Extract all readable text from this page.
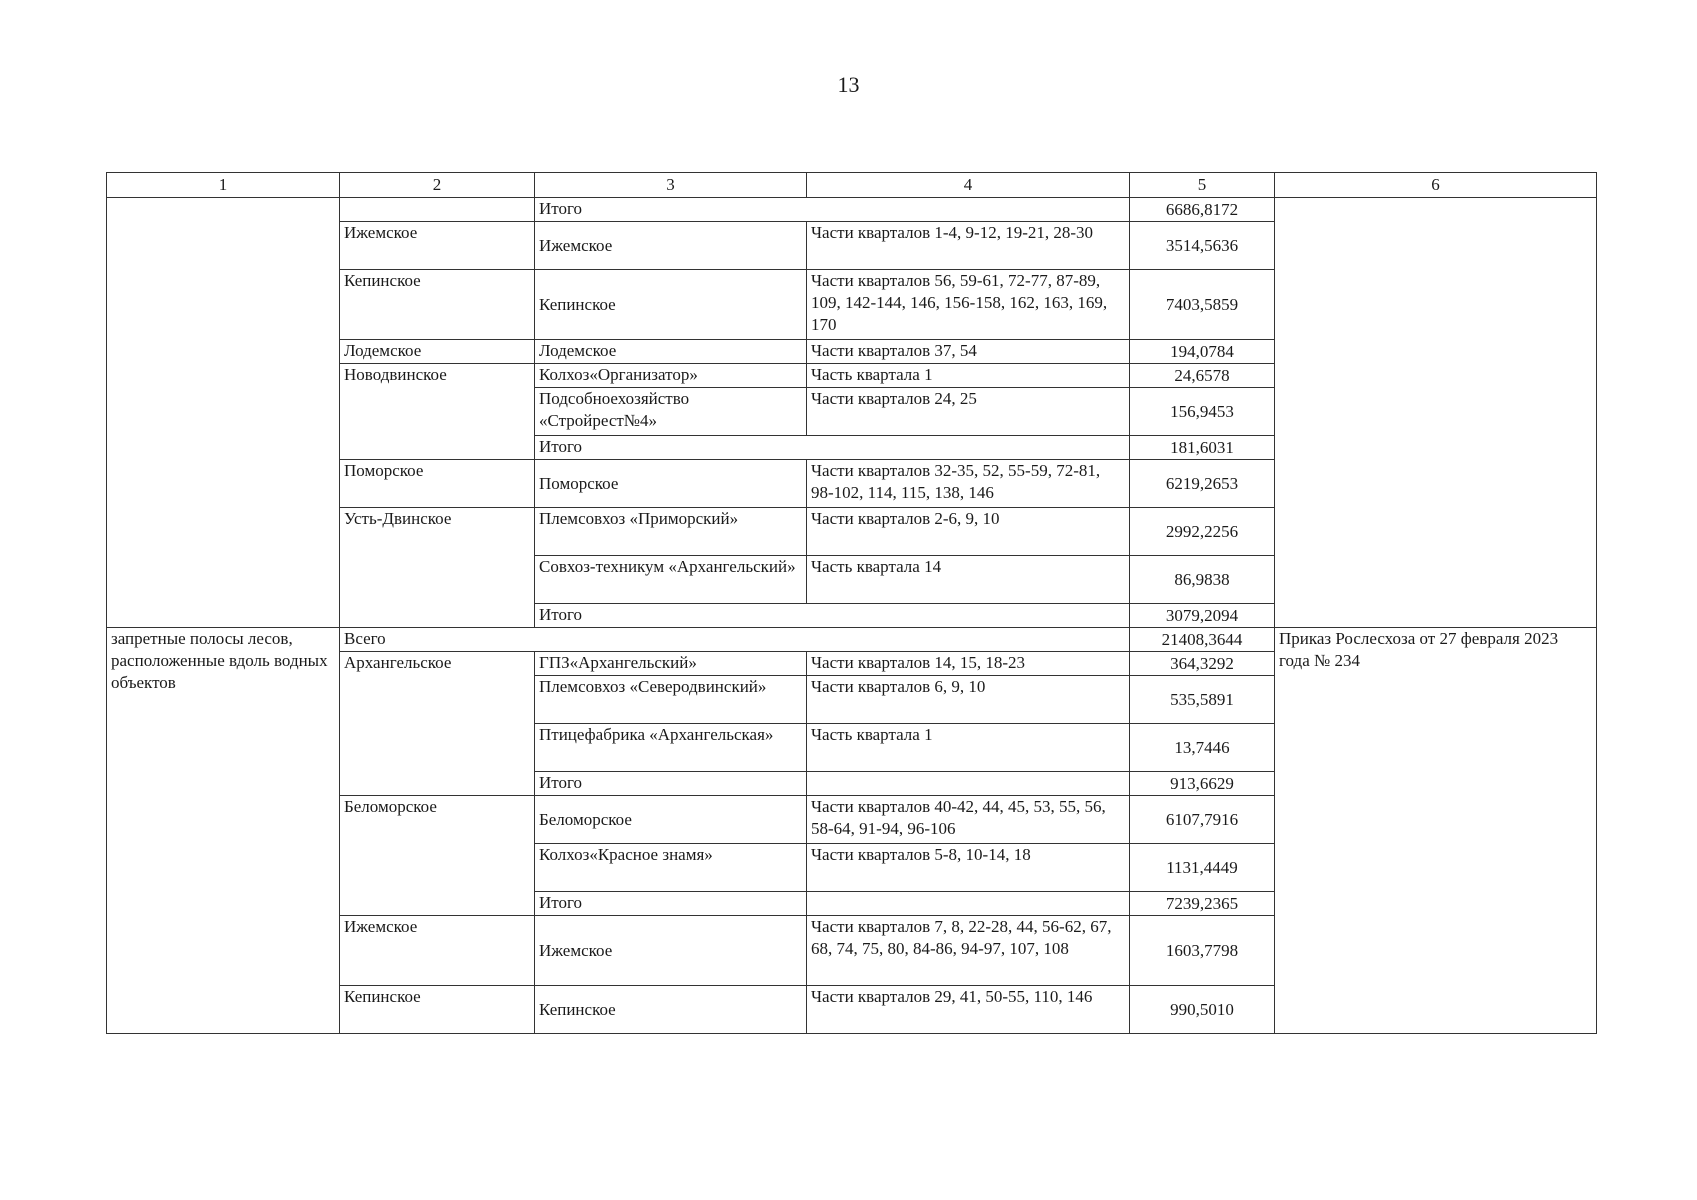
13
1	2	3	4	5	6
		Итого		6686,8172	
	Ижемское	Ижемское	Части кварталов 1-4, 9-12, 19-21, 28-30	3514,5636	
	Кепинское	Кепинское	Части кварталов 56, 59-61, 72-77, 87-89, 109, 142-144, 146, 156-158, 162, 163, 169, 170	7403,5859	
	Лодемское	Лодемское	Части кварталов 37, 54	194,0784	
	Новодвинское	Колхоз«Организатор»	Часть квартала 1	24,6578	
		Подсобноехозяйство «Стройрест№4»	Части кварталов 24, 25	156,9453	
		Итого		181,6031	
	Поморское	Поморское	Части кварталов 32-35, 52, 55-59, 72-81, 98-102, 114, 115, 138, 146	6219,2653	
	Усть-Двинское	Племсовхоз «Приморский»	Части кварталов 2-6, 9, 10	2992,2256	
		Совхоз-техникум «Архангельский»	Часть квартала 14	86,9838	
		Итого		3079,2094	
запретные полосы лесов, расположенные вдоль водных объектов	Всего			21408,3644	Приказ Рослесхоза от 27 февраля 2023 года № 234
	Архангельское	ГПЗ«Архангельский»	Части кварталов 14, 15, 18-23	364,3292	
		Племсовхоз «Северодвинский»	Части кварталов 6, 9, 10	535,5891	
		Птицефабрика «Архангельская»	Часть квартала 1	13,7446	
		Итого		913,6629	
	Беломорское	Беломорское	Части кварталов 40-42, 44, 45, 53, 55, 56, 58-64, 91-94, 96-106	6107,7916	
		Колхоз«Красное знамя»	Части кварталов 5-8, 10-14, 18	1131,4449	
		Итого		7239,2365	
	Ижемское	Ижемское	Части кварталов 7, 8, 22-28, 44, 56-62, 67, 68, 74, 75, 80, 84-86, 94-97, 107, 108	1603,7798	
	Кепинское	Кепинское	Части кварталов 29, 41, 50-55, 110, 146	990,5010	
